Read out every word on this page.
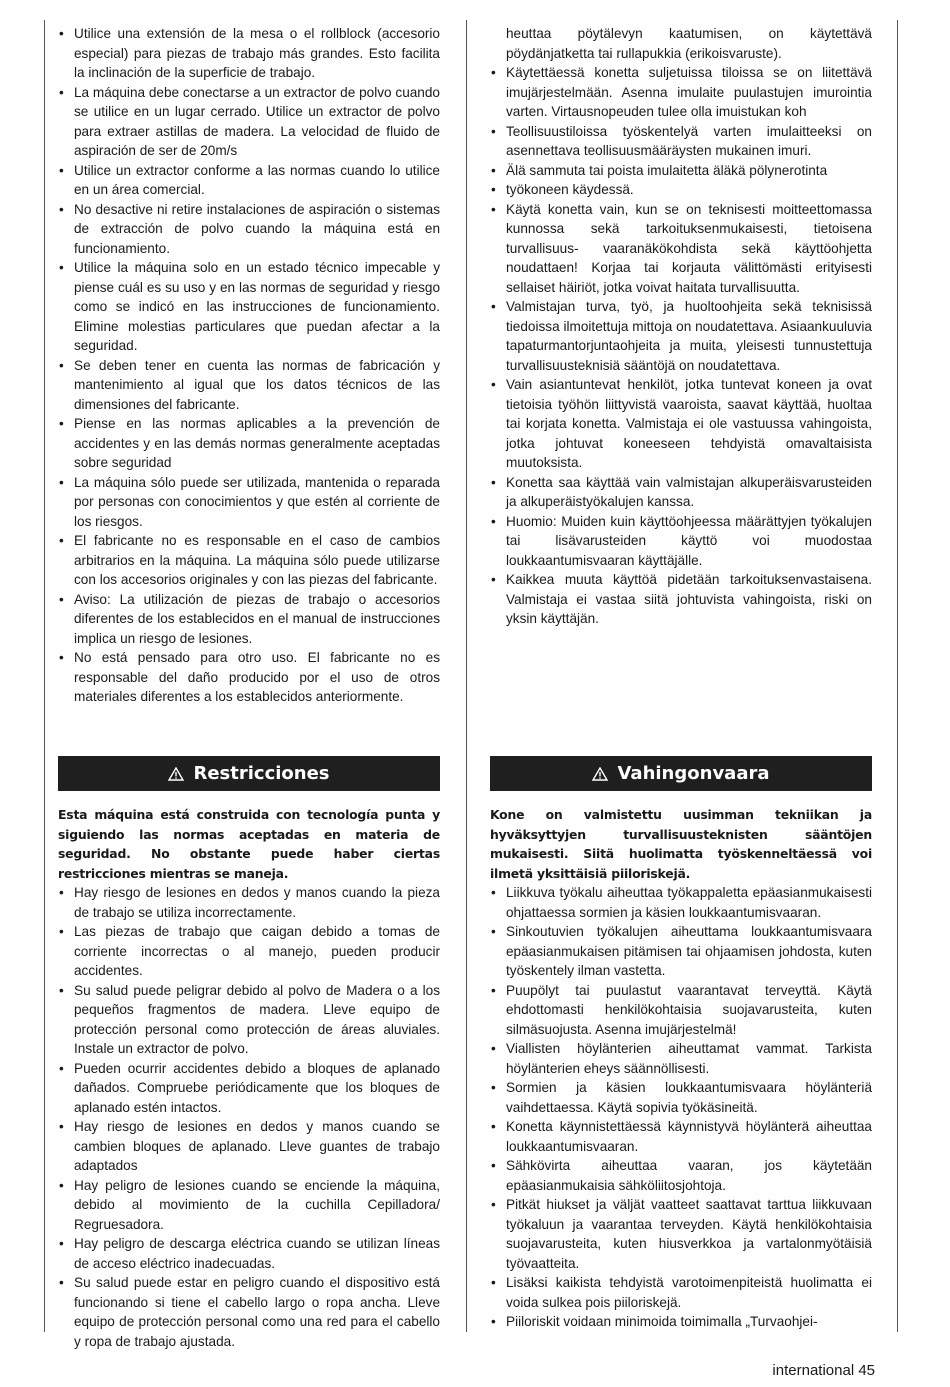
• Utilice una extensión de la mesa o el rollblock (accesorio especial) para piezas de trabajo más grandes. Esto facilita la inclinación de la superficie de trabajo.
• La máquina debe conectarse a un extractor de polvo cuando se utilice en un lugar cerrado. Utilice un extractor de polvo para extraer astillas de madera. La velocidad de fluido de aspiración de ser de 20m/s
• Utilice un extractor conforme a las normas cuando lo utilice en un área comercial.
• No desactive ni retire instalaciones de aspiración o sistemas de extracción de polvo cuando la máquina está en funcionamiento.
• Utilice la máquina solo en un estado técnico impecable y piense cuál es su uso y en las normas de seguridad y riesgo como se indicó en las instrucciones de funcionamiento. Elimine molestias particulares que puedan afectar a la seguridad.
• Se deben tener en cuenta las normas de fabricación y mantenimiento al igual que los datos técnicos de las dimensiones del fabricante.
• Piense en las normas aplicables a la prevención de accidentes y en las demás normas generalmente aceptadas sobre seguridad
• La máquina sólo puede ser utilizada, mantenida o reparada por personas con conocimientos y que estén al corriente de los riesgos.
• El fabricante no es responsable en el caso de cambios arbitrarios en la máquina. La máquina sólo puede utilizarse con los accesorios originales y con las piezas del fabricante.
• Aviso: La utilización de piezas de trabajo o accesorios diferentes de los establecidos en el manual de instrucciones implica un riesgo de lesiones.
• No está pensado para otro uso. El fabricante no es responsable del daño producido por el uso de otros materiales diferentes a los establecidos anteriormente.

heuttaa pöytälevyn kaatumisen, on käytettävä pöydänjatketta tai rullapukkia (erikoisvaruste).

• Käytettäessä konetta suljetuissa tiloissa se on liitettävä imujärjestelmään. Asenna imulaite puulastujen imurointia varten. Virtausnopeuden tulee olla imuistukan koh
• Teollisuustiloissa työskentelyä varten imulaitteeksi on asennettava teollisuusmääräysten mukainen imuri.
• Älä sammuta tai poista imulaitetta äläkä pölynerotinta
• työkoneen käydessä.
• Käytä konetta vain, kun se on teknisesti moitteettomassa kunnossa sekä tarkoituksenmukaisesti, tietoisena turvallisuus- vaaranäkökohdista sekä käyttöohjetta noudattaen! Korjaa tai korjauta välittömästi erityisesti sellaiset häiriöt, jotka voivat haitata turvallisuutta.
• Valmistajan turva, työ, ja huoltoohjeita sekä teknisissä tiedoissa ilmoitettuja mittoja on noudatettava. Asiaankuuluvia tapaturmantorjuntaohjeita ja muita, yleisesti tunnustettuja turvallisuusteknisiä sääntöjä on noudatettava.
• Vain asiantuntevat henkilöt, jotka tuntevat koneen ja ovat tietoisia työhön liittyvistä vaaroista, saavat käyttää, huoltaa tai korjata konetta. Valmistaja ei ole vastuussa vahingoista, jotka johtuvat koneeseen tehdyistä omavaltaisista muutoksista.
• Konetta saa käyttää vain valmistajan alkuperäisvarusteiden ja alkuperäistyökalujen kanssa.
• Huomio: Muiden kuin käyttöohjeessa määrättyjen työkalujen tai lisävarusteiden käyttö voi muodostaa loukkaantumisvaaran käyttäjälle.
• Kaikkea muuta käyttöä pidetään tarkoituksenvastaisena. Valmistaja ei vastaa siitä johtuvista vahingoista, riski on yksin käyttäjän.
Restricciones

Esta máquina está construida con tecnología punta y siguiendo las normas aceptadas en materia de seguridad. No obstante puede haber ciertas restricciones mientras se maneja.

• Hay riesgo de lesiones en dedos y manos cuando la pieza de trabajo se utiliza incorrectamente.
• Las piezas de trabajo que caigan debido a tomas de corriente incorrectas o al manejo, pueden producir accidentes.
• Su salud puede peligrar debido al polvo de Madera o a los pequeños fragmentos de madera. Lleve equipo de protección personal como protección de áreas aluviales. Instale un extractor de polvo.
• Pueden ocurrir accidentes debido a bloques de aplanado dañados. Compruebe periódicamente que los bloques de aplanado estén intactos.
• Hay riesgo de lesiones en dedos y manos cuando se cambien bloques de aplanado. Lleve guantes de trabajo adaptados
• Hay peligro de lesiones cuando se enciende la máquina, debido al movimiento de la cuchilla Cepilladora/ Regruesadora.
• Hay peligro de descarga eléctrica cuando se utilizan líneas de acceso eléctrico inadecuadas.
• Su salud puede estar en peligro cuando el dispositivo está funcionando si tiene el cabello largo o ropa ancha. Lleve equipo de protección personal como una red para el cabello y ropa de trabajo ajustada.
Vahingonvaara

Kone on valmistettu uusimman tekniikan ja hyväksyttyjen turvallisuusteknisten sääntöjen mukaisesti. Siitä huolimatta työskenneltäessä voi ilmetä yksittäisiä piiloriskejä.

• Liikkuva työkalu aiheuttaa työkappaletta epäasianmukaisesti ohjattaessa sormien ja käsien loukkaantumisvaaran.
• Sinkoutuvien työkalujen aiheuttama loukkaantumisvaara epäasianmukaisen pitämisen tai ohjaamisen johdosta, kuten työskentely ilman vastetta.
• Puupölyt tai puulastut vaarantavat terveyttä. Käytä ehdottomasti henkilökohtaisia suojavarusteita, kuten silmäsuojusta. Asenna imujärjestelmä!
• Viallisten höylänterien aiheuttamat vammat. Tarkista höylänterien eheys säännöllisesti.
• Sormien ja käsien loukkaantumisvaara höylänteriä vaihdettaessa. Käytä sopivia työkäsineitä.
• Konetta käynnistettäessä käynnistyvä höylänterä aiheuttaa loukkaantumisvaaran.
• Sähkövirta aiheuttaa vaaran, jos käytetään epäasianmukaisia sähköliitosjohtoja.
• Pitkät hiukset ja väljät vaatteet saattavat tarttua liikkuvaan työkaluun ja vaarantaa terveyden. Käytä henkilökohtaisia suojavarusteita, kuten hiusverkkoa ja vartalonmyötäisiä työvaatteita.
• Lisäksi kaikista tehdyistä varotoimenpiteistä huolimatta ei voida sulkea pois piiloriskejä.
• Piiloriskit voidaan minimoida toimimalla „Turvaohjei-
international 45
